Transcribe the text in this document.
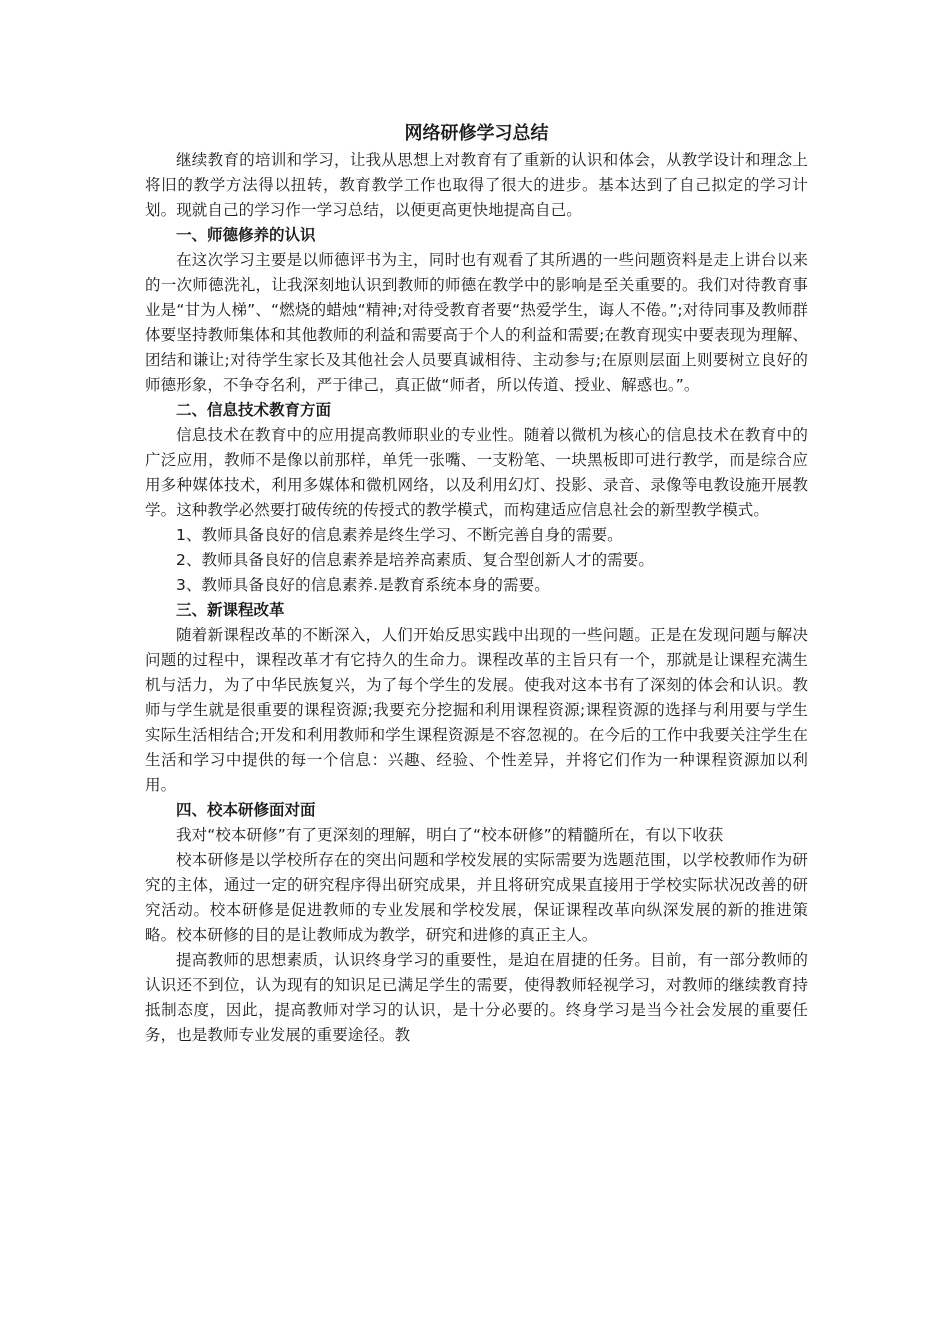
网络研修学习总结

继续教育的培训和学习，让我从思想上对教育有了重新的认识和体会，从教学设计和理念上将旧的教学方法得以扭转，教育教学工作也取得了很大的进步。基本达到了自己拟定的学习计划。现就自己的学习作一学习总结，以便更高更快地提高自己。

一、师德修养的认识

在这次学习主要是以师德评书为主，同时也有观看了其所遇的一些问题资料是走上讲台以来的一次师德洗礼，让我深刻地认识到教师的师德在教学中的影响是至关重要的。我们对待教育事业是“甘为人梯”、“燃烧的蜡烛“精神;对待受教育者要“热爱学生，诲人不倦。”;对待同事及教师群体要坚持教师集体和其他教师的利益和需要高于个人的利益和需要;在教育现实中要表现为理解、团结和谦让;对待学生家长及其他社会人员要真诚相待、主动参与;在原则层面上则要树立良好的师德形象，不争夺名利，严于律己，真正做“师者，所以传道、授业、解惑也。”。

二、信息技术教育方面

信息技术在教育中的应用提高教师职业的专业性。随着以微机为核心的信息技术在教育中的广泛应用，教师不是像以前那样，单凭一张嘴、一支粉笔、一块黑板即可进行教学，而是综合应用多种媒体技术，利用多媒体和微机网络，以及利用幻灯、投影、录音、录像等电教设施开展教学。这种教学必然要打破传统的传授式的教学模式，而构建适应信息社会的新型教学模式。

1、教师具备良好的信息素养是终生学习、不断完善自身的需要。

2、教师具备良好的信息素养是培养高素质、复合型创新人才的需要。

3、教师具备良好的信息素养.是教育系统本身的需要。

三、新课程改革

随着新课程改革的不断深入，人们开始反思实践中出现的一些问题。正是在发现问题与解决问题的过程中，课程改革才有它持久的生命力。课程改革的主旨只有一个，那就是让课程充满生机与活力，为了中华民族复兴，为了每个学生的发展。使我对这本书有了深刻的体会和认识。教师与学生就是很重要的课程资源;我要充分挖掘和利用课程资源;课程资源的选择与利用要与学生实际生活相结合;开发和利用教师和学生课程资源是不容忽视的。在今后的工作中我要关注学生在生活和学习中提供的每一个信息：兴趣、经验、个性差异，并将它们作为一种课程资源加以利用。

四、校本研修面对面

我对“校本研修”有了更深刻的理解，明白了“校本研修”的精髓所在，有以下收获

校本研修是以学校所存在的突出问题和学校发展的实际需要为选题范围，以学校教师作为研究的主体，通过一定的研究程序得出研究成果，并且将研究成果直接用于学校实际状况改善的研究活动。校本研修是促进教师的专业发展和学校发展，保证课程改革向纵深发展的新的推进策略。校本研修的目的是让教师成为教学，研究和进修的真正主人。

提高教师的思想素质，认识终身学习的重要性，是迫在眉捷的任务。目前，有一部分教师的认识还不到位，认为现有的知识足已满足学生的需要，使得教师轻视学习，对教师的继续教育持抵制态度，因此，提高教师对学习的认识，是十分必要的。终身学习是当今社会发展的重要任务，也是教师专业发展的重要途径。教
